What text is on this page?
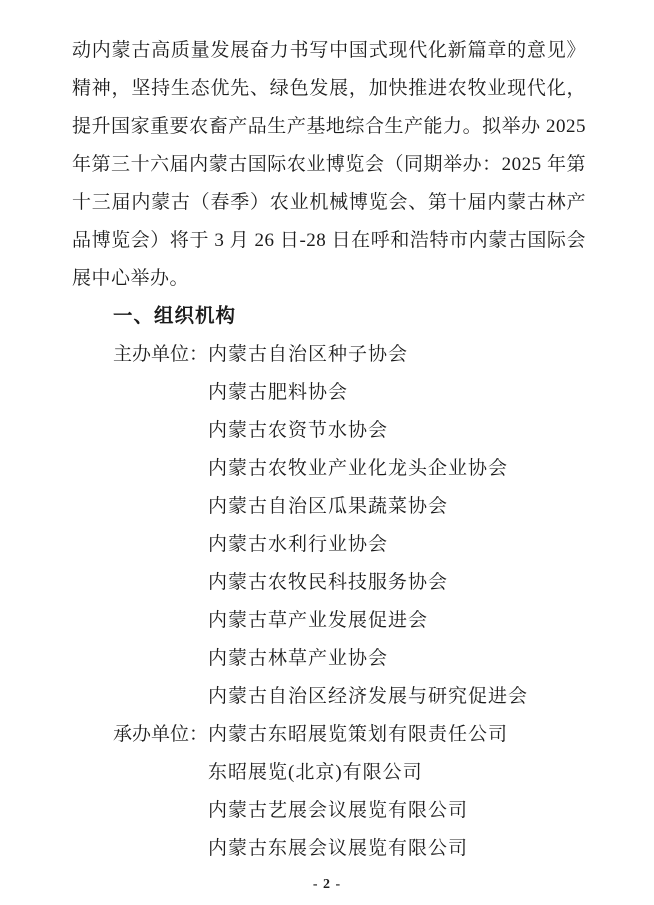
动内蒙古高质量发展奋力书写中国式现代化新篇章的意见》
精神，坚持生态优先、绿色发展，加快推进农牧业现代化，
提升国家重要农畜产品生产基地综合生产能力。拟举办 2025
年第三十六届内蒙古国际农业博览会（同期举办：2025 年第
十三届内蒙古（春季）农业机械博览会、第十届内蒙古林产
品博览会）将于 3 月 26 日-28 日在呼和浩特市内蒙古国际会
展中心举办。
一、组织机构
主办单位： 内蒙古自治区种子协会
内蒙古肥料协会
内蒙古农资节水协会
内蒙古农牧业产业化龙头企业协会
内蒙古自治区瓜果蔬菜协会
内蒙古水利行业协会
内蒙古农牧民科技服务协会
内蒙古草产业发展促进会
内蒙古林草产业协会
内蒙古自治区经济发展与研究促进会
承办单位： 内蒙古东昭展览策划有限责任公司
东昭展览(北京)有限公司
内蒙古艺展会议展览有限公司
内蒙古东展会议展览有限公司
- 2 -
